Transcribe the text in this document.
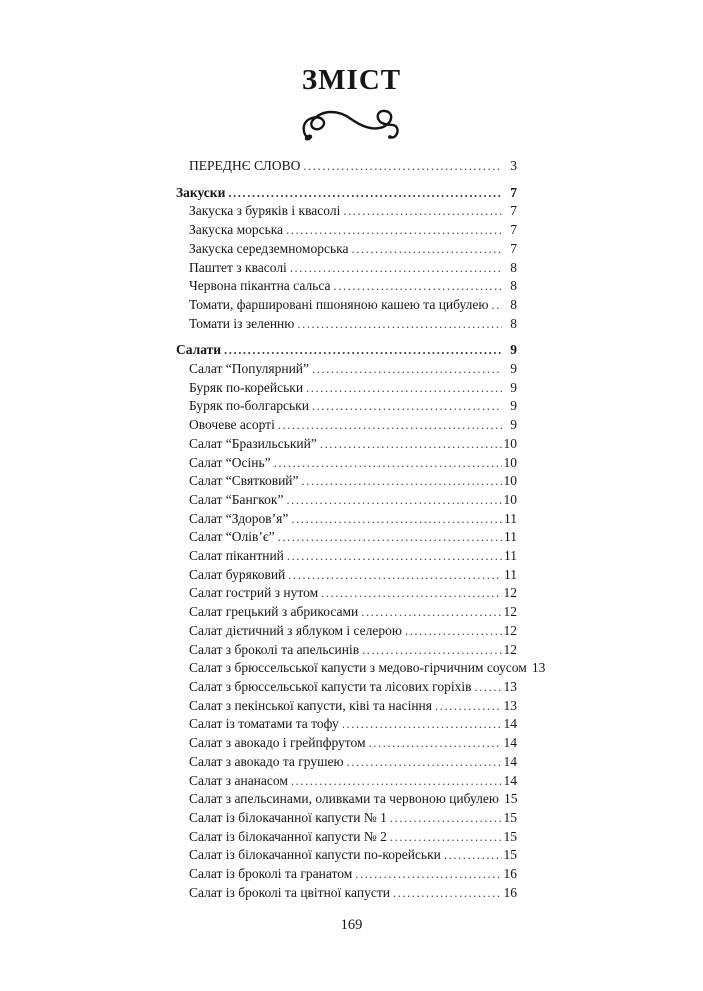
ЗМІСТ
ПЕРЕДНЄ СЛОВО .....	3
Закуски .....	7
Закуска з буряків і квасолі .....	7
Закуска морська .....	7
Закуска середземноморська .....	7
Паштет з квасолі .....	8
Червона пікантна сальса .....	8
Томати, фаршировані пшоняною кашею та цибулею .....	8
Томати із зеленню .....	8
Салати .....	9
Салат “Популярний” .....	9
Буряк по-корейськи .....	9
Буряк по-болгарськи .....	9
Овочеве асорті .....	9
Салат “Бразильський” .....	10
Салат “Осінь” .....	10
Салат “Святковий” .....	10
Салат “Бангкок” .....	10
Салат “Здоров’я” .....	11
Салат “Олів’є” .....	11
Салат пікантний .....	11
Салат буряковий .....	11
Салат гострий з нутом .....	12
Салат грецький з абрикосами .....	12
Салат дієтичний з яблуком і селерою .....	12
Салат з броколі та апельсинів .....	12
Салат з брюссельської капусти з медово-гірчичним соусом 13
Салат з брюссельської капусти та лісових горіхів ..... 13
Салат з пекінської капусти, ківі та насіння .....	13
Салат із томатами та тофу .....	14
Салат з авокадо і грейпфрутом .....	14
Салат з авокадо та грушею .....	14
Салат з ананасом .....	14
Салат з апельсинами, оливками та червоною цибулею 15
Салат із білокачанної капусти № 1 .....	15
Салат із білокачанної капусти № 2 .....	15
Салат із білокачанної капусти по-корейськи .....	15
Салат із броколі та гранатом .....	16
Салат із броколі та цвітної капусти .....	16
169
